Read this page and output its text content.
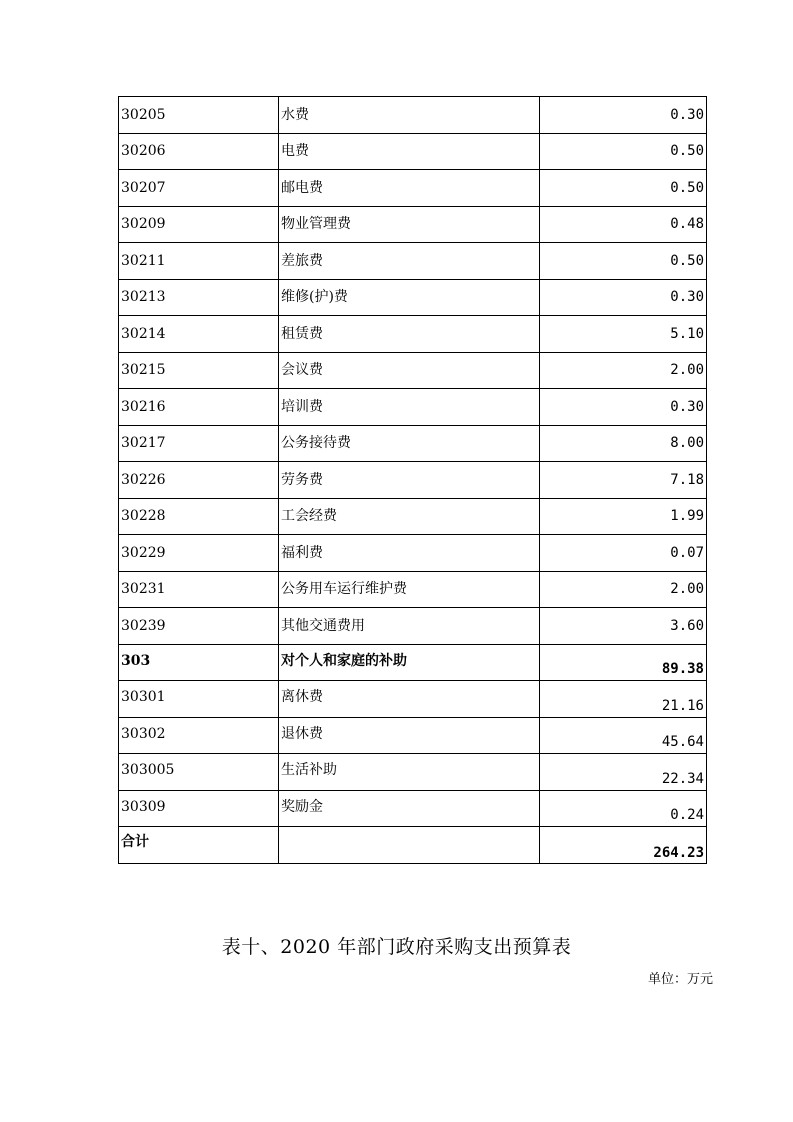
30205	水费	0.30
30206	电费	0.50
30207	邮电费	0.50
30209	物业管理费	0.48
30211	差旅费	0.50
30213	维修(护)费	0.30
30214	租赁费	5.10
30215	会议费	2.00
30216	培训费	0.30
30217	公务接待费	8.00
30226	劳务费	7.18
30228	工会经费	1.99
30229	福利费	0.07
30231	公务用车运行维护费	2.00
30239	其他交通费用	3.60
303	对个人和家庭的补助	89.38
30301	离休费	21.16
30302	退休费	45.64
303005	生活补助	22.34
30309	奖励金	0.24
合计		264.23
表十、2020 年部门政府采购支出预算表
单位：万元
